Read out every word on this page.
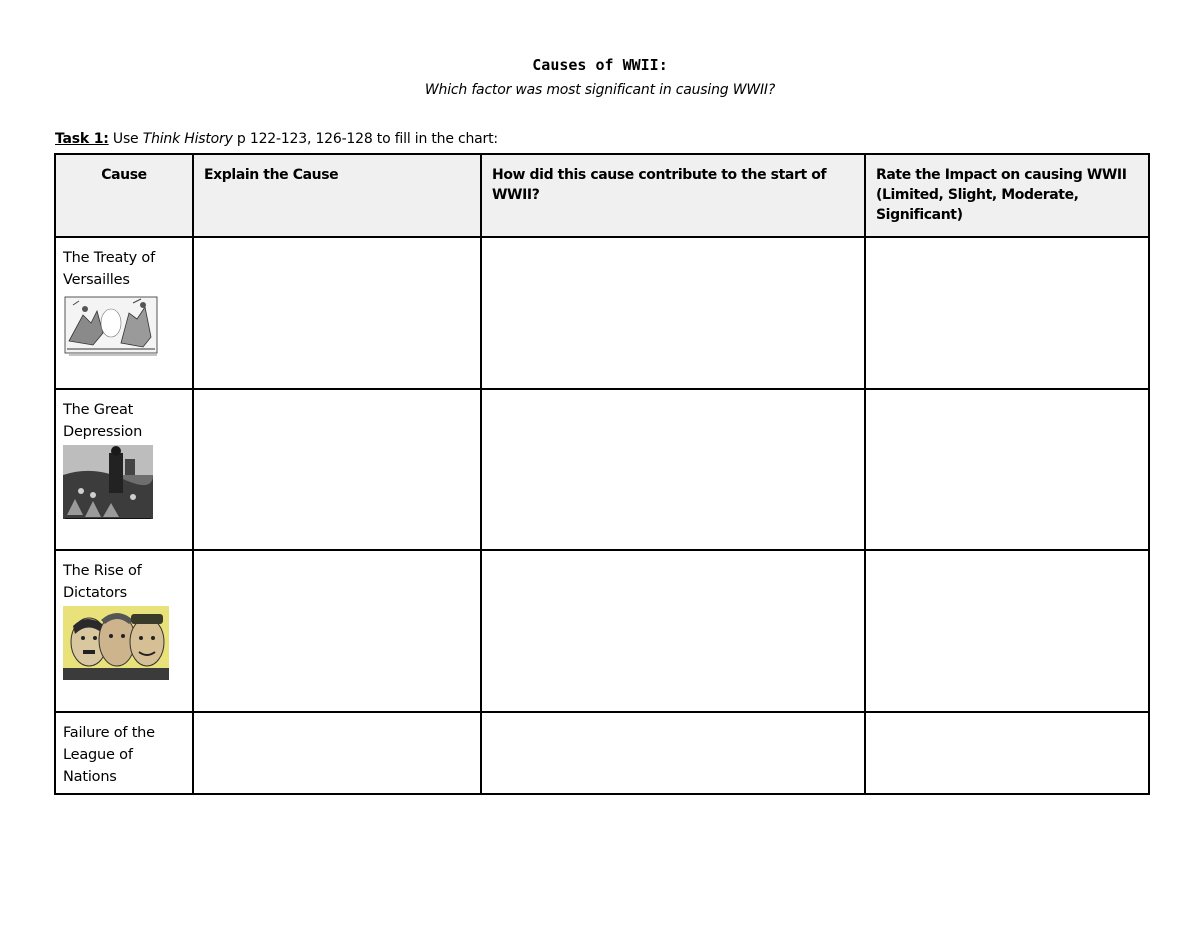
Causes of WWII:
Which factor was most significant in causing WWII?
Task 1: Use Think History p 122-123, 126-128 to fill in the chart:
Cause	Explain the Cause	How did this cause contribute to the start of WWII?	Rate the Impact on causing WWII (Limited, Slight, Moderate, Significant)

The Treaty of Versailles			

The Great Depression			

The Rise of Dictators			

Failure of the League of Nations			
